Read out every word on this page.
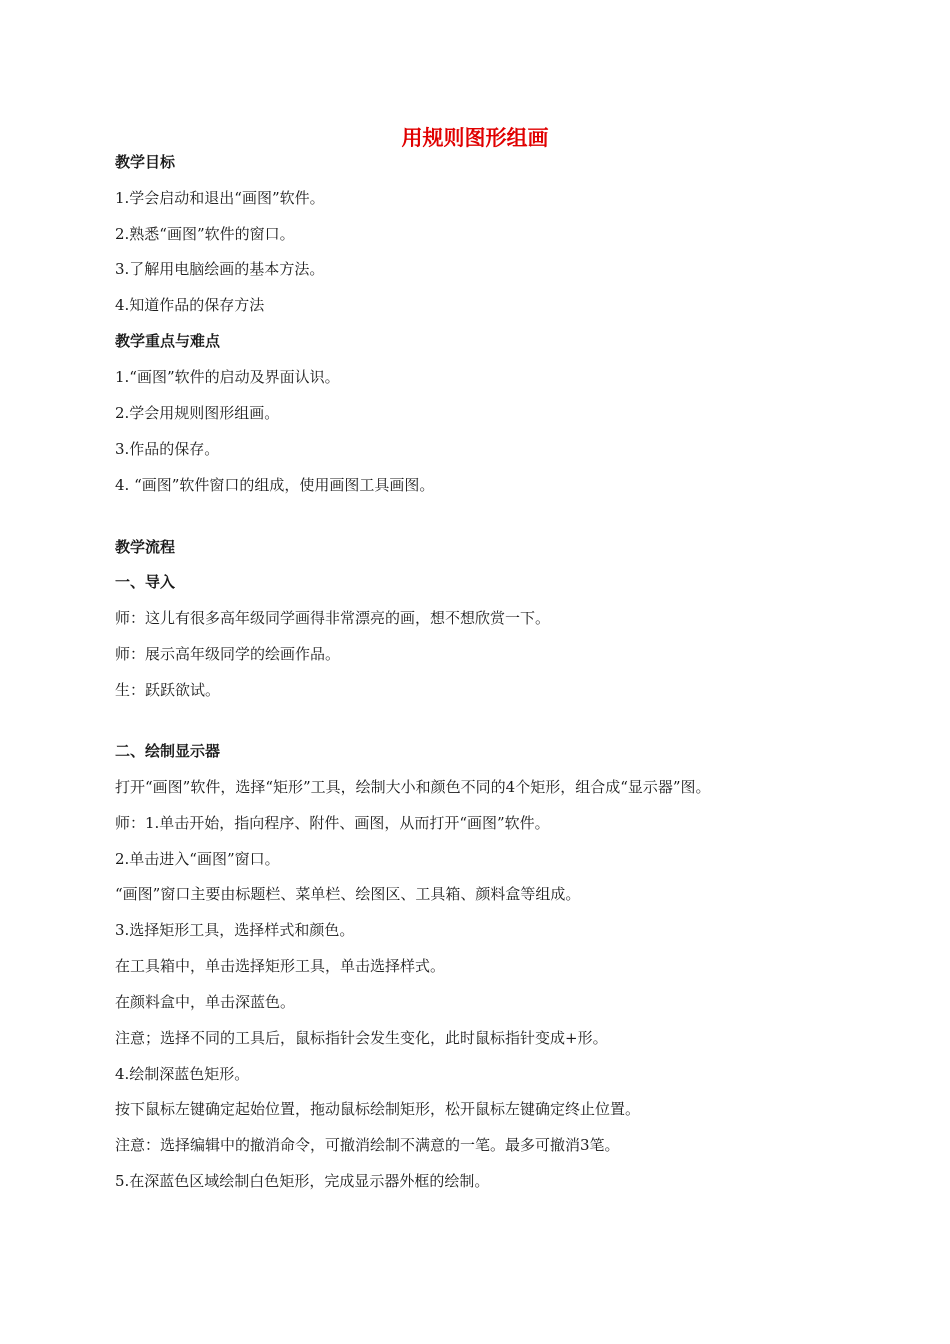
用规则图形组画
教学目标
1.学会启动和退出“画图”软件。
2.熟悉“画图”软件的窗口。
3.了解用电脑绘画的基本方法。
4.知道作品的保存方法
教学重点与难点
1.“画图”软件的启动及界面认识。
2.学会用规则图形组画。
3.作品的保存。
4. “画图”软件窗口的组成，使用画图工具画图。
教学流程
一、导入
师：这儿有很多高年级同学画得非常漂亮的画，想不想欣赏一下。
师：展示高年级同学的绘画作品。
生：跃跃欲试。
二、绘制显示器
打开“画图”软件，选择“矩形”工具，绘制大小和颜色不同的4个矩形，组合成“显示器”图。
师：1.单击开始，指向程序、附件、画图，从而打开“画图”软件。
2.单击进入“画图”窗口。
“画图”窗口主要由标题栏、菜单栏、绘图区、工具箱、颜料盒等组成。
3.选择矩形工具，选择样式和颜色。
在工具箱中，单击选择矩形工具，单击选择样式。
在颜料盒中，单击深蓝色。
注意；选择不同的工具后，鼠标指针会发生变化，此时鼠标指针变成+形。
4.绘制深蓝色矩形。
按下鼠标左键确定起始位置，拖动鼠标绘制矩形，松开鼠标左键确定终止位置。
注意：选择编辑中的撤消命令，可撤消绘制不满意的一笔。最多可撤消3笔。
5.在深蓝色区域绘制白色矩形，完成显示器外框的绘制。
